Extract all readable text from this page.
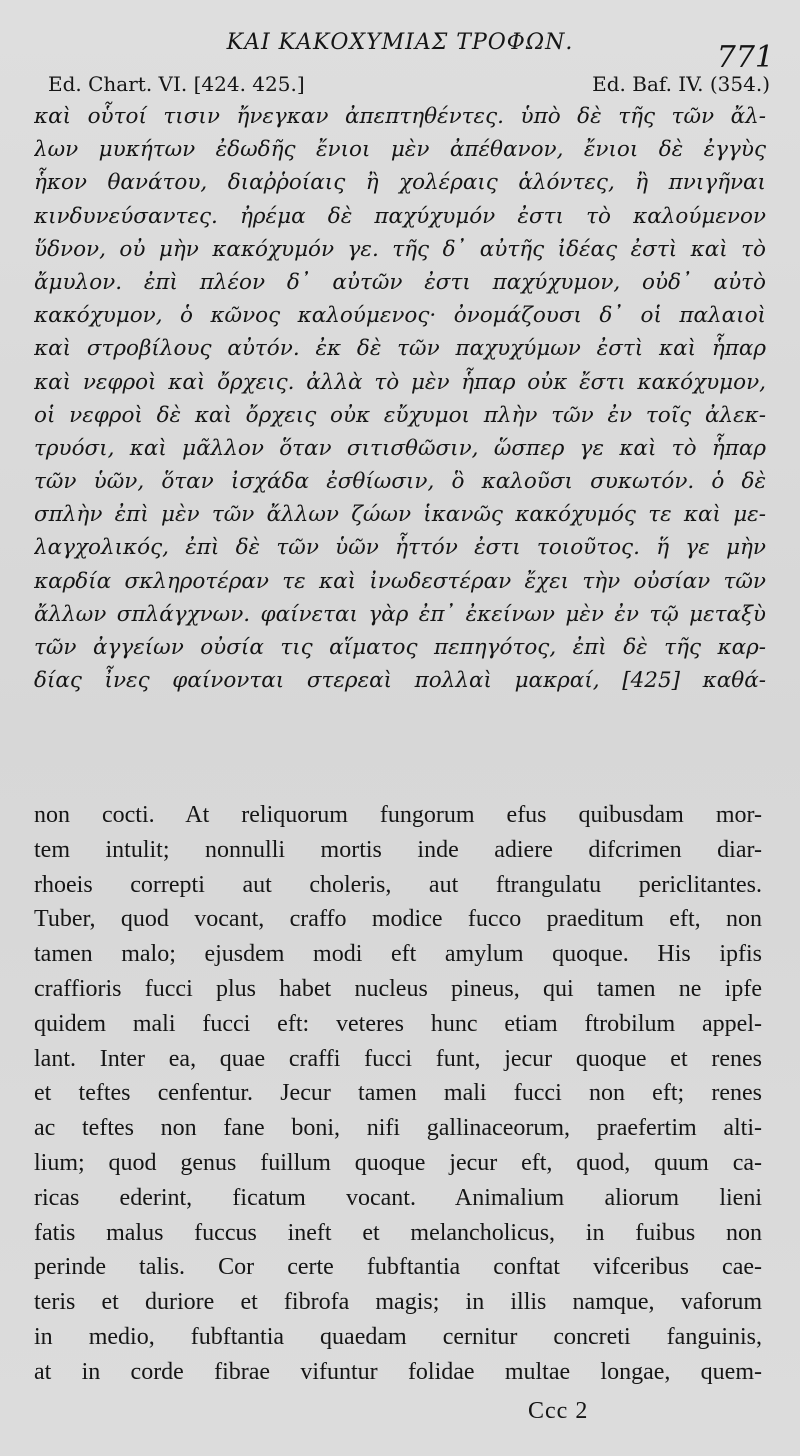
ΚΑΙ ΚΑΚΟΧΥΜΙΑΣ ΤΡΟΦΩΝ.	771
Ed. Chart. VI. [424. 425.]	Ed. Baf. IV. (354.)
καὶ οὗτοί τισιν ἤνεγκαν ἀπεπτηθέντες. ὑπὸ δὲ τῆς τῶν ἄλ-
λων μυκήτων ἐδωδῆς ἔνιοι μὲν ἀπέθανον, ἔνιοι δὲ ἐγγὺς
ἧκον θανάτου, διαῤῥοίαις ἢ χολέραις ἁλόντες, ἢ πνιγῆναι
κινδυνεύσαντες. ἠρέμα δὲ παχύχυμόν ἐστι τὸ καλούμενον
ὕδνον, οὐ μὴν κακόχυμόν γε. τῆς δ᾽ αὐτῆς ἰδέας ἐστὶ καὶ τὸ
ἄμυλον. ἐπὶ πλέον δ᾽ αὐτῶν ἐστι παχύχυμον, οὐδ᾽ αὐτὸ
κακόχυμον, ὁ κῶνος καλούμενος· ὀνομάζουσι δ᾽ οἱ παλαιοὶ
καὶ στροβίλους αὐτόν. ἐκ δὲ τῶν παχυχύμων ἐστὶ καὶ ἧπαρ
καὶ νεφροὶ καὶ ὄρχεις. ἀλλὰ τὸ μὲν ἧπαρ οὐκ ἔστι κακόχυμον,
οἱ νεφροὶ δὲ καὶ ὄρχεις οὐκ εὔχυμοι πλὴν τῶν ἐν τοῖς ἀλεκ-
τρυόσι, καὶ μᾶλλον ὅταν σιτισθῶσιν, ὥσπερ γε καὶ τὸ ἧπαρ
τῶν ὑῶν, ὅταν ἰσχάδα ἐσθίωσιν, ὃ καλοῦσι συκωτόν. ὁ δὲ
σπλὴν ἐπὶ μὲν τῶν ἄλλων ζώων ἱκανῶς κακόχυμός τε καὶ με-
λαγχολικός, ἐπὶ δὲ τῶν ὑῶν ἧττόν ἐστι τοιοῦτος. ἥ γε μὴν
καρδία σκληροτέραν τε καὶ ἰνωδεστέραν ἔχει τὴν οὐσίαν τῶν
ἄλλων σπλάγχνων. φαίνεται γὰρ ἐπ᾽ ἐκείνων μὲν ἐν τῷ μεταξὺ
τῶν ἀγγείων οὐσία τις αἵματος πεπηγότος, ἐπὶ δὲ τῆς καρ-
δίας ἶνες φαίνονται στερεαὶ πολλαὶ μακραί, [425] καθά-
non cocti. At reliquorum fungorum efus quibusdam mor-
tem intulit; nonnulli mortis inde adiere difcrimen diar-
rhoeis correpti aut choleris, aut ftrangulatu periclitantes.
Tuber, quod vocant, craffo modice fucco praeditum eft, non
tamen malo; ejusdem modi eft amylum quoque. His ipfis
craffioris fucci plus habet nucleus pineus, qui tamen ne ipfe
quidem mali fucci eft: veteres hunc etiam ftrobilum appel-
lant. Inter ea, quae craffi fucci funt, jecur quoque et renes
et teftes cenfentur. Jecur tamen mali fucci non eft; renes
ac teftes non fane boni, nifi gallinaceorum, praefertim alti-
lium; quod genus fuillum quoque jecur eft, quod, quum ca-
ricas ederint, ficatum vocant. Animalium aliorum lieni
fatis malus fuccus ineft et melancholicus, in fuibus non
perinde talis. Cor certe fubftantia conftat vifceribus cae-
teris et duriore et fibrofa magis; in illis namque, vaforum
in medio, fubftantia quaedam cernitur concreti fanguinis,
at in corde fibrae vifuntur folidae multae longae, quem-
Ccc 2
